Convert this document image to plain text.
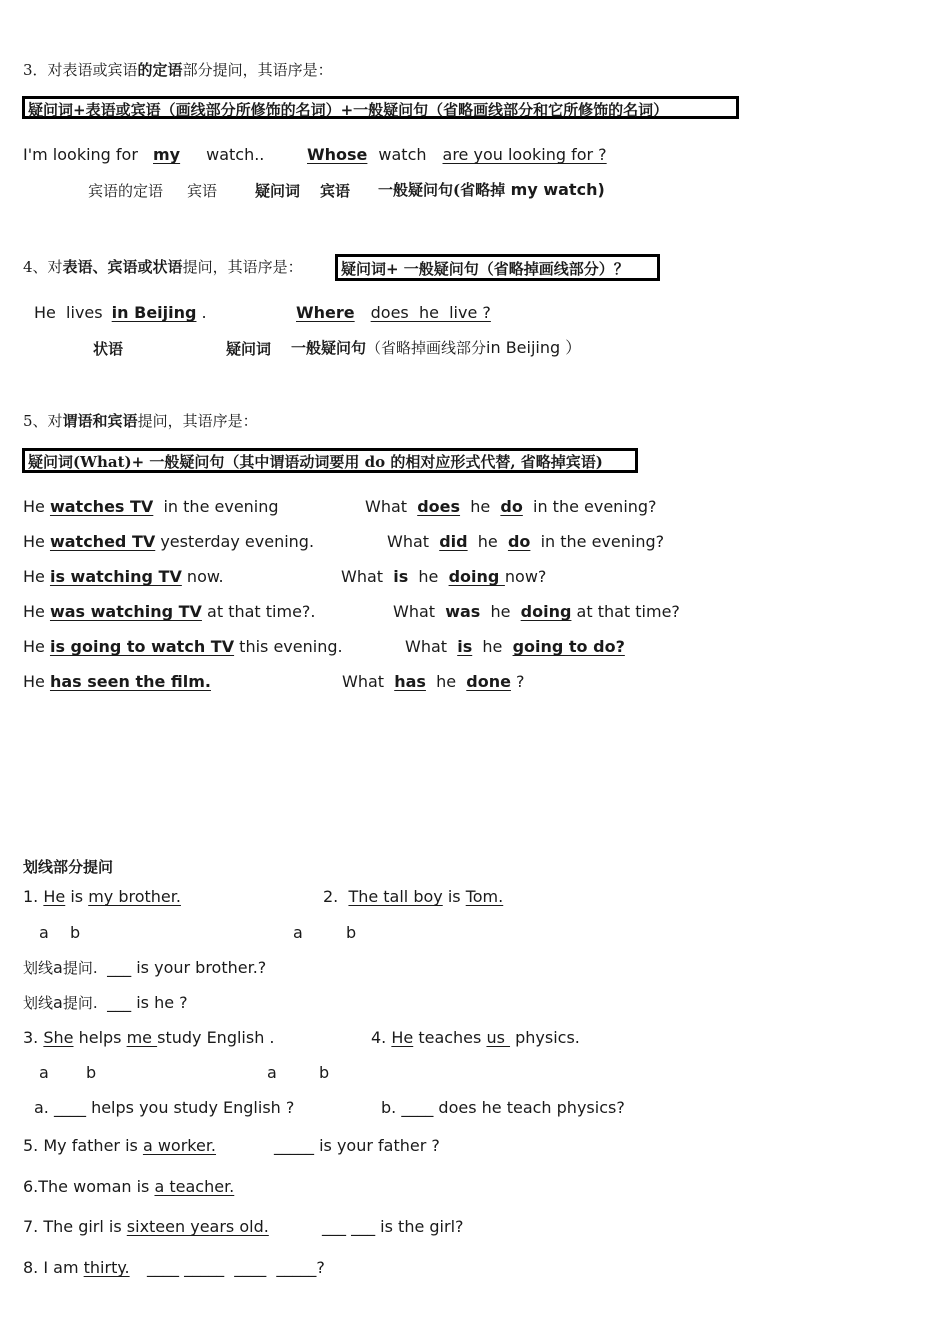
3．对表语或宾语的定语部分提问，其语序是：
疑问词+表语或宾语（画线部分所修饰的名词）+一般疑问句（省略画线部分和它所修饰的名词）
I'm looking for my watch..	Whose watch are you looking for ?
宾语的定语 宾语	疑问词 宾语 一般疑问句(省略掉 my watch)
4、对表语、宾语或状语提问，其语序是：	疑问词+ 一般疑问句（省略掉画线部分）？
He  lives in Beijing .	Where does  he  live ?
状语	疑问词 一般疑问句（省略掉画线部分in Beijing ）
5、对谓语和宾语提问，其语序是：
疑问词(What)+ 一般疑问句（其中谓语动词要用 do 的相对应形式代替, 省略掉宾语)
He watches TV  in the evening	What  does  he  do  in the evening?
He watched TV yesterday evening.	What  did  he  do  in the evening?
He is watching TV now.	What  is  he  doing now?
He was watching TV at that time?.	What  was  he  doing at that time?
He is going to watch TV this evening.	What  is  he  going to do?
He has seen the film.	What  has  he  done ?
划线部分提问
1. He is my brother.	2.  The tall boy is Tom.
a b	a	b
划线a提问.  ___ is your brother.?
划线a提问.  ___ is he ?
3. She helps me study English .	4. He teaches us  physics.
a b	a	b
a. ____ helps you study English ?	b. ____ does he teach physics?
5. My father is a worker.	_____ is your father ?
6.The woman is a teacher.
7. The girl is sixteen years old.	___ ___ is the girl?
8. I am thirty. ____ _____  ____  _____?
